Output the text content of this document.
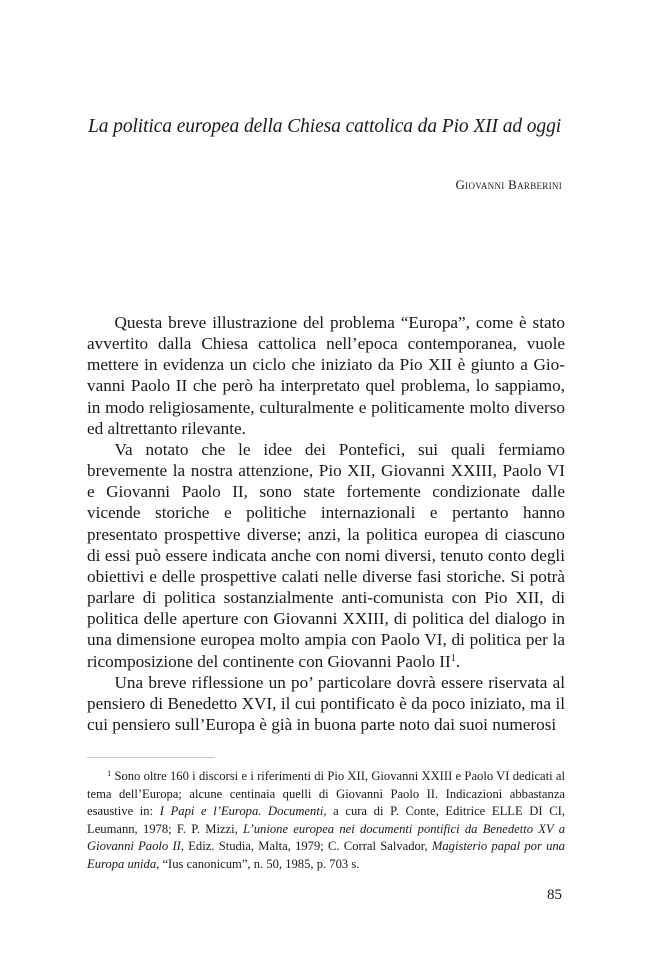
La politica europea della Chiesa cattolica da Pio XII ad oggi
Giovanni Barberini

Questa breve illustrazione del problema “Europa”, come è stato avvertito dalla Chiesa cattolica nell’epoca contemporanea, vuole mettere in evidenza un ciclo che iniziato da Pio XII è giunto a Giovanni Paolo II che però ha interpretato quel problema, lo sappiamo, in modo religiosamente, culturalmente e politicamente molto diverso ed altrettanto rilevante.

Va notato che le idee dei Pontefici, sui quali fermiamo brevemente la nostra attenzione, Pio XII, Giovanni XXIII, Paolo VI e Giovanni Paolo II, sono state fortemente condizionate dalle vicende storiche e politiche internazionali e pertanto hanno presentato prospettive diverse; anzi, la politica europea di ciascuno di essi può essere indicata anche con nomi diversi, tenuto conto degli obiettivi e delle prospettive calati nelle diverse fasi storiche. Si potrà parlare di politica sostanzialmente anti-comunista con Pio XII, di politica delle aperture con Giovanni XXIII, di politica del dialogo in una dimensione europea molto ampia con Paolo VI, di politica per la ricomposizione del continente con Giovanni Paolo $II^1$.

Una breve riflessione un po’ particolare dovrà essere riservata al pensiero di Benedetto XVI, il cui pontificato è da poco iniziato, ma il cui pensiero sull’Europa è già in buona parte noto dai suoi numerosi

$^1$ Sono oltre 160 i discorsi e i riferimenti di Pio XII, Giovanni XXIII e Paolo VI dedicati al tema dell’Europa; alcune centinaia quelli di Giovanni Paolo II. Indicazioni abbastanza esaustive in: I Papi e l’Europa. Documenti, a cura di P. Conte, Editrice ELLE DI CI, Leumann, 1978; F. P. Mizzi, L’unione europea nei documenti pontifici da Benedetto XV a Giovanni Paolo II, Ediz. Studia, Malta, 1979; C. Corral Salvador, Magisterio papal por una Europa unida, “Ius canonicum”, n. 50, 1985, p. 703 s.

85
